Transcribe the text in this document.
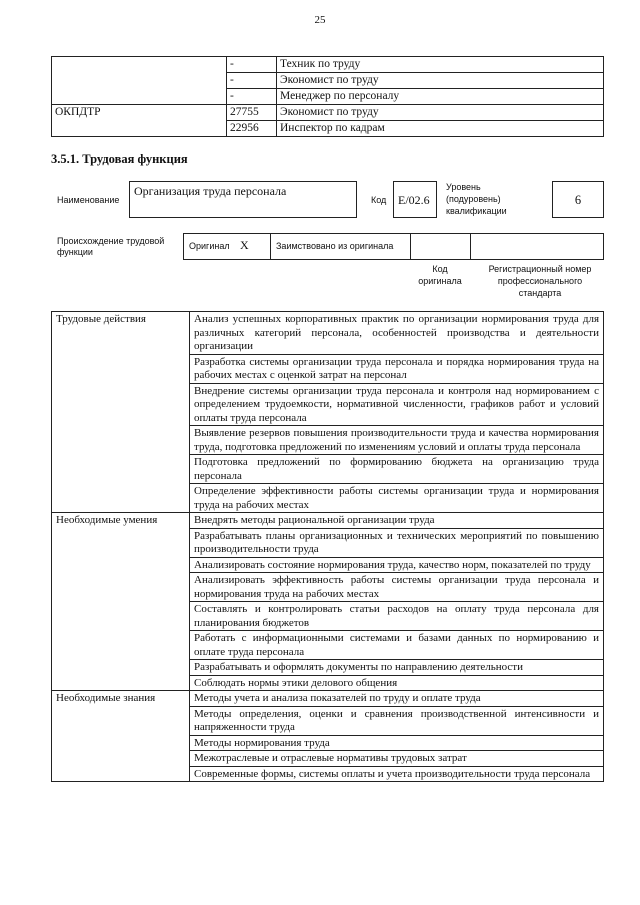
25
	-	Техник по труду
	-	Экономист по труду
	-	Менеджер по персоналу
ОКПДТР	27755	Экономист по труду
	22956	Инспектор по кадрам
3.5.1. Трудовая функция
Наименование
Организация труда персонала
Код E/02.6
Уровень (подуровень) квалификации
6
Происхождение трудовой функции
Оригинал X	Заимствовано из оригинала
Код оригинала
Регистрационный номер профессионального стандарта
Трудовые действия	Анализ успешных корпоративных практик по организации нормирования труда для различных категорий персонала, особенностей производства и деятельности организации
	Разработка системы организации труда персонала и порядка нормирования труда на рабочих местах с оценкой затрат на персонал
	Внедрение системы организации труда персонала и контроля над нормированием с определением трудоемкости, нормативной численности, графиков работ и условий оплаты труда персонала
	Выявление резервов повышения производительности труда и качества нормирования труда, подготовка предложений по изменениям условий и оплаты труда персонала
	Подготовка предложений по формированию бюджета на организацию труда персонала
	Определение эффективности работы системы организации труда и нормирования труда на рабочих местах
Необходимые умения	Внедрять методы рациональной организации труда
	Разрабатывать планы организационных и технических мероприятий по повышению производительности труда
	Анализировать состояние нормирования труда, качество норм, показателей по труду
	Анализировать эффективность работы системы организации труда персонала и нормирования труда на рабочих местах
	Составлять и контролировать статьи расходов на оплату труда персонала для планирования бюджетов
	Работать с информационными системами и базами данных по нормированию и оплате труда персонала
	Разрабатывать и оформлять документы по направлению деятельности
	Соблюдать нормы этики делового общения
Необходимые знания	Методы учета и анализа показателей по труду и оплате труда
	Методы определения, оценки и сравнения производственной интенсивности и напряженности труда
	Методы нормирования труда
	Межотраслевые и отраслевые нормативы трудовых затрат
	Современные формы, системы оплаты и учета производительности труда персонала
